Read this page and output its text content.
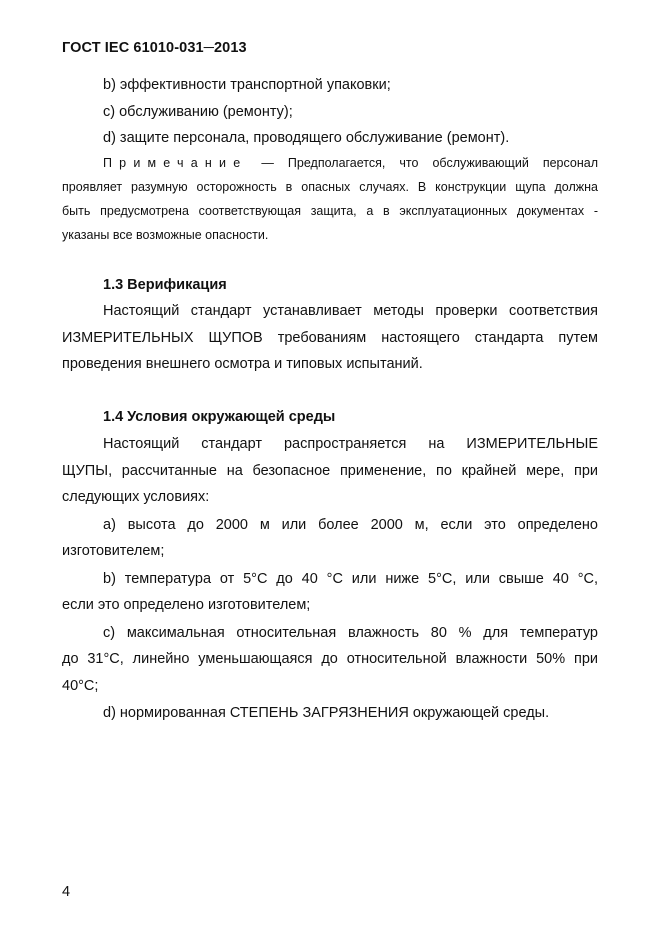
ГОСТ IEC 61010-031─2013
b) эффективности транспортной упаковки;
c) обслуживанию (ремонту);
d) защите персонала, проводящего обслуживание (ремонт).
Примечание — Предполагается, что обслуживающий персонал
проявляет разумную осторожность в опасных случаях. В конструкции щупа должна
быть предусмотрена соответствующая защита, а в эксплуатационных документах -
указаны все возможные опасности.
1.3 Верификация
Настоящий стандарт устанавливает методы проверки соответствия
ИЗМЕРИТЕЛЬНЫХ ЩУПОВ требованиям настоящего стандарта путем
проведения внешнего осмотра и типовых испытаний.
1.4 Условия окружающей среды
Настоящий стандарт распространяется на ИЗМЕРИТЕЛЬНЫЕ
ЩУПЫ, рассчитанные на безопасное применение, по крайней мере, при
следующих условиях:
a) высота до 2000 м или более 2000 м, если это определено
изготовителем;
b) температура от 5°C до 40 °C или ниже 5°C, или свыше 40 °C,
если это определено изготовителем;
c) максимальная относительная влажность 80 % для температур
до 31°C, линейно уменьшающаяся до относительной влажности 50% при
40°C;
d) нормированная СТЕПЕНЬ ЗАГРЯЗНЕНИЯ окружающей среды.
4
